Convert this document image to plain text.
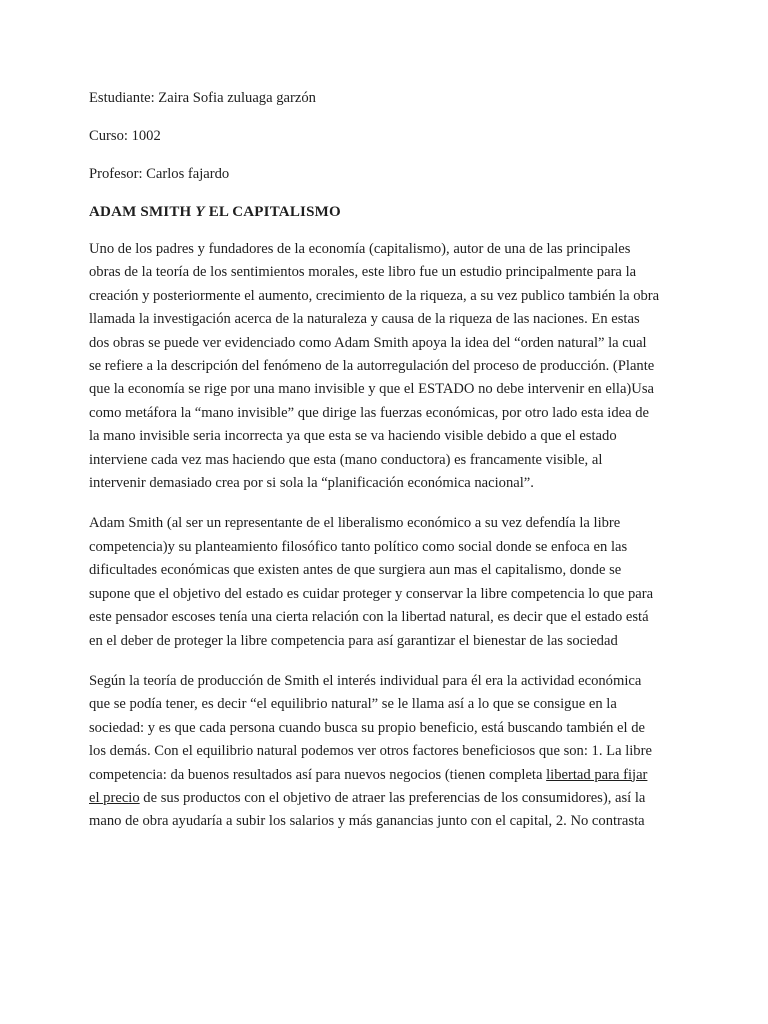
Estudiante: Zaira Sofia zuluaga garzón
Curso: 1002
Profesor: Carlos fajardo
ADAM SMITH Y EL CAPITALISMO
Uno de los padres y fundadores de la economía (capitalismo), autor de una de las principales
obras de la teoría de los sentimientos morales, este libro fue un estudio principalmente para la
creación y posteriormente el aumento, crecimiento de la riqueza, a su vez publico también la obra
llamada la investigación acerca de la naturaleza y causa de la riqueza de las naciones. En estas
dos obras se puede ver evidenciado como Adam Smith apoya la idea del “orden natural” la cual
se refiere a la descripción del fenómeno de la autorregulación del proceso de producción. (Plante
que la economía se rige por una mano invisible y que el ESTADO no debe intervenir en ella)Usa
como metáfora la “mano invisible” que dirige las fuerzas económicas, por otro lado esta idea de
la mano invisible seria incorrecta ya que esta se va haciendo visible debido a que el estado
interviene cada vez mas haciendo que esta (mano conductora) es francamente visible, al
intervenir demasiado crea por si sola la “planificación económica nacional”.
Adam Smith (al ser un representante de el liberalismo económico a su vez defendía la libre
competencia)y su planteamiento filosófico tanto político como social donde se enfoca en las
dificultades económicas que existen antes de que surgiera aun mas el capitalismo, donde se
supone que el objetivo del estado es cuidar proteger y conservar la libre competencia lo que para
este pensador escoses tenía una cierta relación con la libertad natural, es decir que el estado está
en el deber de proteger la libre competencia para así garantizar el bienestar de las sociedad
Según la teoría de producción de Smith el interés individual para él era la actividad económica
que se podía tener, es decir “el equilibrio natural” se le llama así a lo que se consigue en la
sociedad: y es que cada persona cuando busca su propio beneficio, está buscando también el de
los demás. Con el equilibrio natural podemos ver otros factores beneficiosos que son: 1. La libre
competencia: da buenos resultados así para nuevos negocios (tienen completa libertad para fijar
el precio de sus productos con el objetivo de atraer las preferencias de los consumidores), así la
mano de obra ayudaría a subir los salarios y más ganancias junto con el capital, 2. No contrasta
